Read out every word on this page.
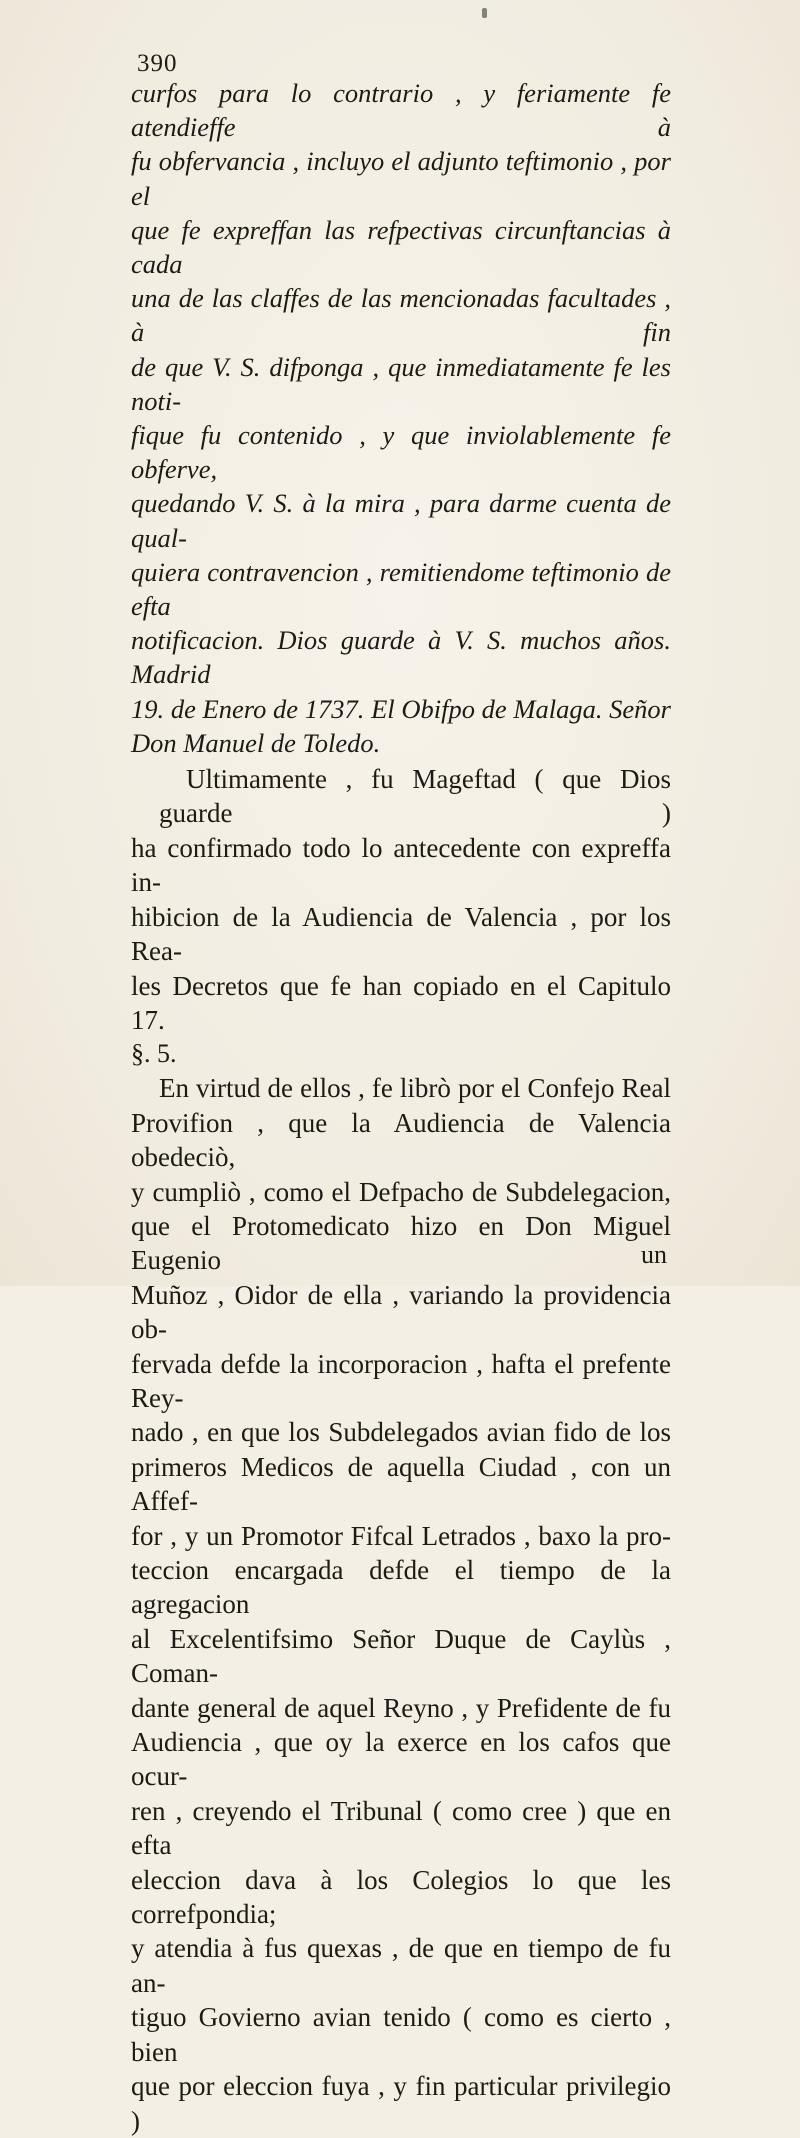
390

curfos para lo contrario , y feriamente fe atendieffe à
fu obfervancia , incluyo el adjunto teftimonio , por el
que fe expreffan las refpectivas circunftancias à cada
una de las claffes de las mencionadas facultades , à fin
de que V. S. difponga , que inmediatamente fe les noti-
fique fu contenido , y que inviolablemente fe obferve,
quedando V. S. à la mira , para darme cuenta de qual-
quiera contravencion , remitiendome teftimonio de efta
notificacion. Dios guarde à V. S. muchos años. Madrid
19. de Enero de 1737. El Obifpo de Malaga. Señor
Don Manuel de Toledo.

Ultimamente , fu Mageftad ( que Dios guarde )
ha confirmado todo lo antecedente con expreffa in-
hibicion de la Audiencia de Valencia , por los Rea-
les Decretos que fe han copiado en el Capitulo 17.

§. 5.

En virtud de ellos , fe librò por el Confejo Real
Provifion , que la Audiencia de Valencia obedeciò,
y cumpliò , como el Defpacho de Subdelegacion,
que el Protomedicato hizo en Don Miguel Eugenio
Muñoz , Oidor de ella , variando la providencia ob-
fervada defde la incorporacion , hafta el prefente Rey-
nado , en que los Subdelegados avian fido de los
primeros Medicos de aquella Ciudad , con un Affef-
for , y un Promotor Fifcal Letrados , baxo la pro-
teccion encargada defde el tiempo de la agregacion
al Excelentifsimo Señor Duque de Caylùs , Coman-
dante general de aquel Reyno , y Prefidente de fu
Audiencia , que oy la exerce en los cafos que ocur-
ren , creyendo el Tribunal ( como cree ) que en efta
eleccion dava à los Colegios lo que les correfpondia;
y atendia à fus quexas , de que en tiempo de fu an-
tiguo Govierno avian tenido ( como es cierto , bien
que por eleccion fuya , y fin particular privilegio )

un
